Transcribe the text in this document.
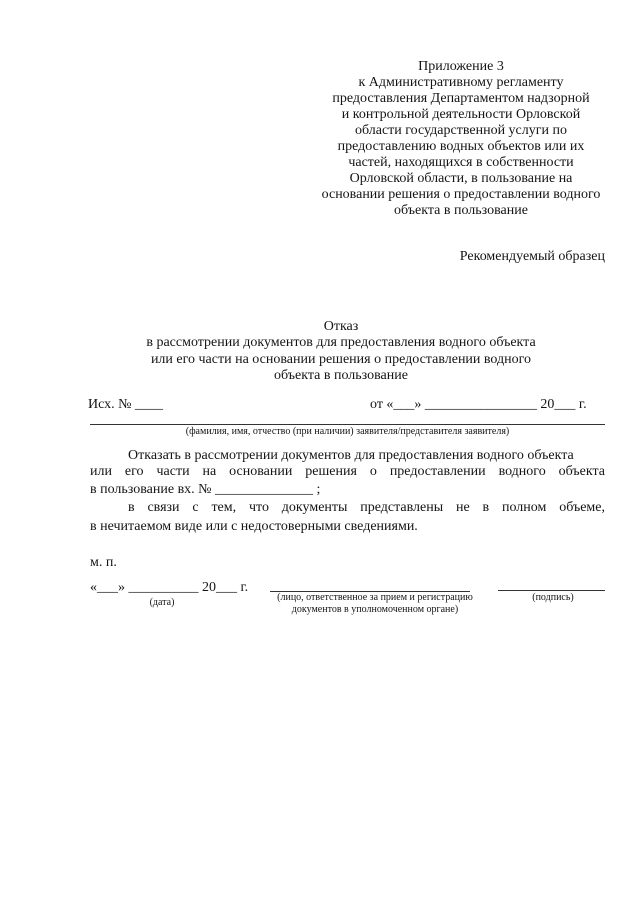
Приложение 3
к Административному регламенту
предоставления Департаментом надзорной
и контрольной деятельности Орловской
области государственной услуги по
предоставлению водных объектов или их
частей, находящихся в собственности
Орловской области, в пользование на
основании решения о предоставлении водного
объекта в пользование
Рекомендуемый образец
Отказ
в рассмотрении документов для предоставления водного объекта
или его части на основании решения о предоставлении водного
объекта в пользование
Исх. № ____	от «___» ________________ 20___ г.
(фамилия, имя, отчество (при наличии) заявителя/представителя заявителя)
Отказать в рассмотрении документов для предоставления водного объекта
или его части на основании решения о предоставлении водного объекта
в пользование вх. № ______________ ;
в связи с тем, что документы представлены не в полном объеме,
в нечитаемом виде или с недостоверными сведениями.
м. п.
«___» __________ 20___ г.
(дата)	(лицо, ответственное за прием и регистрацию
документов в уполномоченном органе)
(подпись)
